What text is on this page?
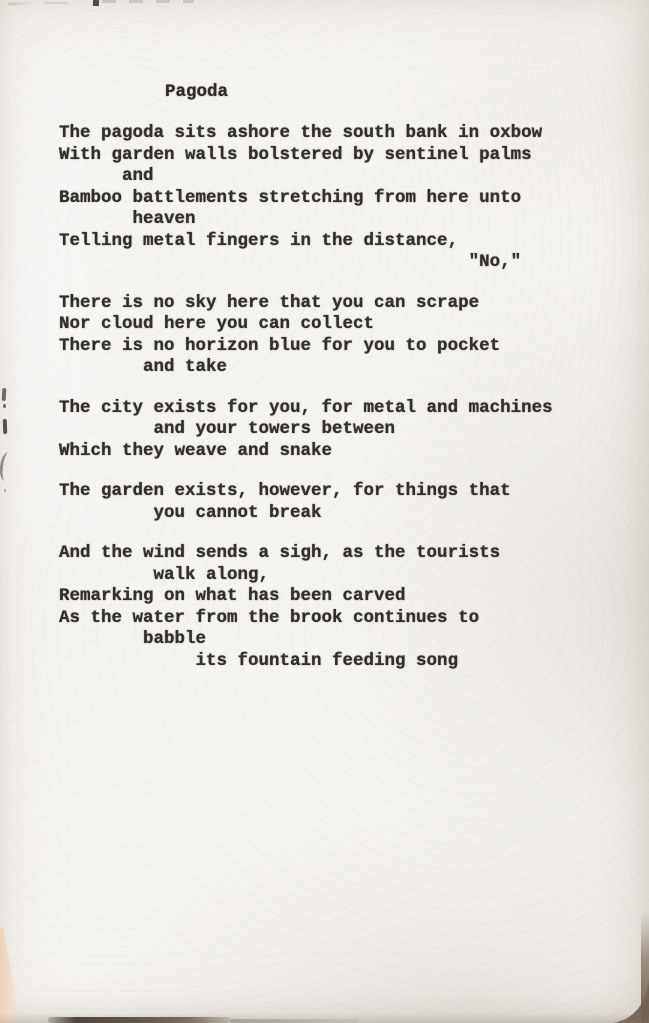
Pagoda
The pagoda sits ashore the south bank in oxbow
With garden walls bolstered by sentinel palms
and
Bamboo battlements stretching from here unto
heaven
Telling metal fingers in the distance,
"No,"
There is no sky here that you can scrape
Nor cloud here you can collect
There is no horizon blue for you to pocket
and take
The city exists for you, for metal and machines
and your towers between
Which they weave and snake
The garden exists, however, for things that
you cannot break
And the wind sends a sigh, as the tourists
walk along,
Remarking on what has been carved
As the water from the brook continues to
babble
its fountain feeding song
